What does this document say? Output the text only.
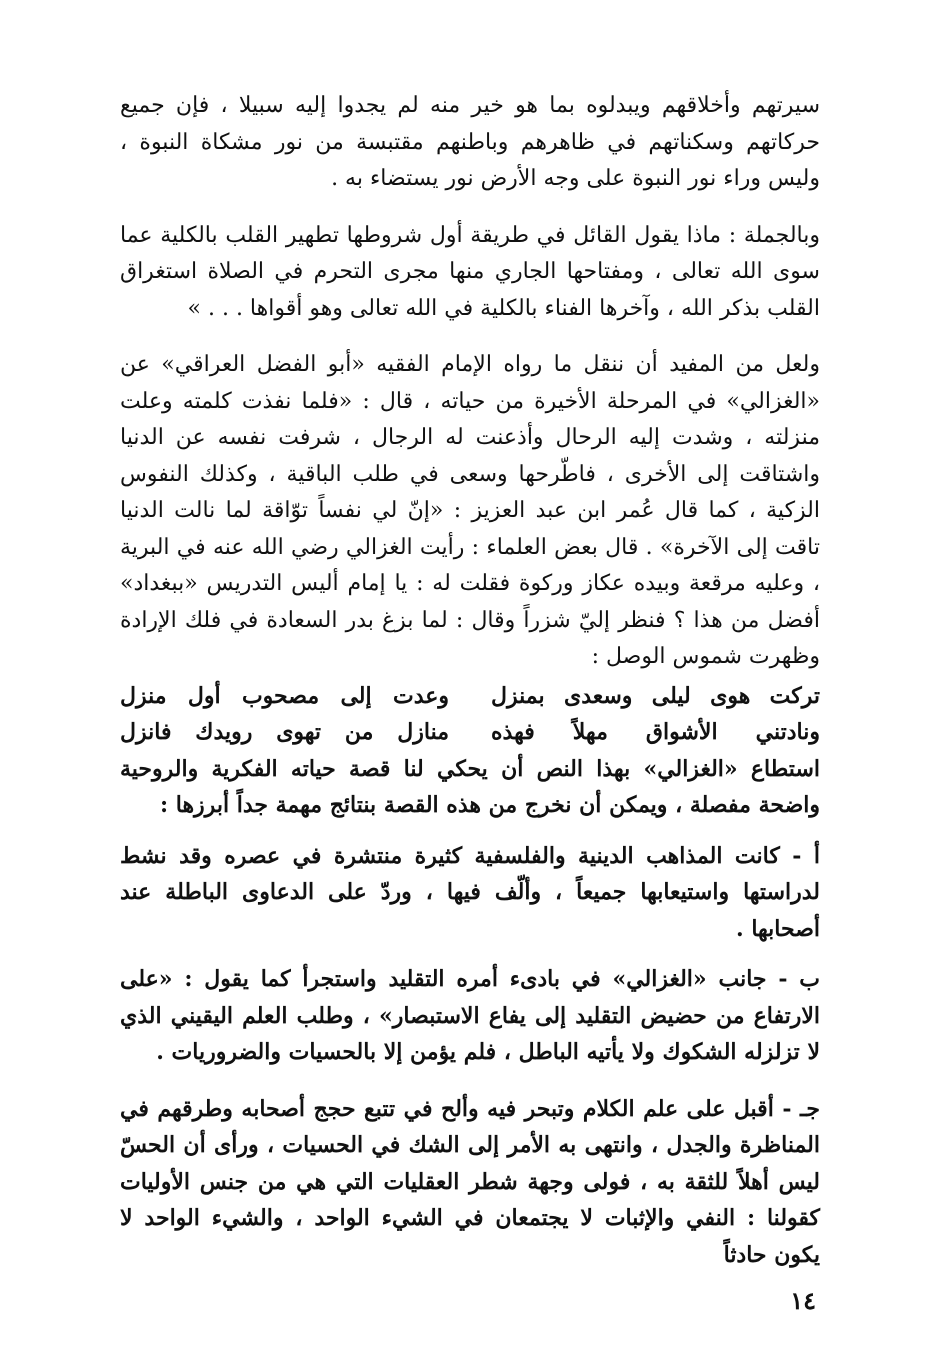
سيرتهم وأخلاقهم ويبدلوه بما هو خير منه لم يجدوا إليه سبيلا ، فإن جميع حركاتهم وسكناتهم في ظاهرهم وباطنهم مقتبسة من نور مشكاة النبوة ، وليس وراء نور النبوة على وجه الأرض نور يستضاء به .

وبالجملة : ماذا يقول القائل في طريقة أول شروطها تطهير القلب بالكلية عما سوى الله تعالى ، ومفتاحها الجاري منها مجرى التحرم في الصلاة استغراق القلب بذكر الله ، وآخرها الفناء بالكلية في الله تعالى وهو أقواها . . . »

ولعل من المفيد أن ننقل ما رواه الإمام الفقيه «أبو الفضل العراقي» عن «الغزالي» في المرحلة الأخيرة من حياته ، قال : «فلما نفذت كلمته وعلت منزلته ، وشدت إليه الرحال وأذعنت له الرجال ، شرفت نفسه عن الدنيا واشتاقت إلى الأخرى ، فاطّرحها وسعى في طلب الباقية ، وكذلك النفوس الزكية ، كما قال عُمر ابن عبد العزيز : «إنّ لي نفساً توّاقة لما نالت الدنيا تاقت إلى الآخرة» . قال بعض العلماء : رأيت الغزالي رضي الله عنه في البرية ، وعليه مرقعة وبيده عكاز وركوة فقلت له : يا إمام أليس التدريس «ببغداد» أفضل من هذا ؟ فنظر إليّ شزراً وقال : لما بزغ بدر السعادة في فلك الإرادة وظهرت شموس الوصل :

تركت هوى ليلى وسعدى بمنزل
وعدت إلى مصحوب أول منزل
ونادتني الأشواق مهلاً فهذه
منازل من تهوى رويدك فانزل

استطاع «الغزالي» بهذا النص أن يحكي لنا قصة حياته الفكرية والروحية واضحة مفصلة ، ويمكن أن نخرج من هذه القصة بنتائج مهمة جداً أبرزها :

أ - كانت المذاهب الدينية والفلسفية كثيرة منتشرة في عصره وقد نشط لدراستها واستيعابها جميعاً ، وألّف فيها ، وردّ على الدعاوى الباطلة عند أصحابها .

ب - جانب «الغزالي» في بادىء أمره التقليد واستجرأ كما يقول : «على الارتفاع من حضيض التقليد إلى يفاع الاستبصار» ، وطلب العلم اليقيني الذي لا تزلزله الشكوك ولا يأتيه الباطل ، فلم يؤمن إلا بالحسيات والضروريات .

جـ - أقبل على علم الكلام وتبحر فيه وألح في تتبع حجج أصحابه وطرقهم في المناظرة والجدل ، وانتهى به الأمر إلى الشك في الحسيات ، ورأى أن الحسّ ليس أهلاً للثقة به ، فولى وجهة شطر العقليات التي هي من جنس الأوليات كقولنا : النفي والإثبات لا يجتمعان في الشيء الواحد ، والشيء الواحد لا يكون حادثاً

١٤
